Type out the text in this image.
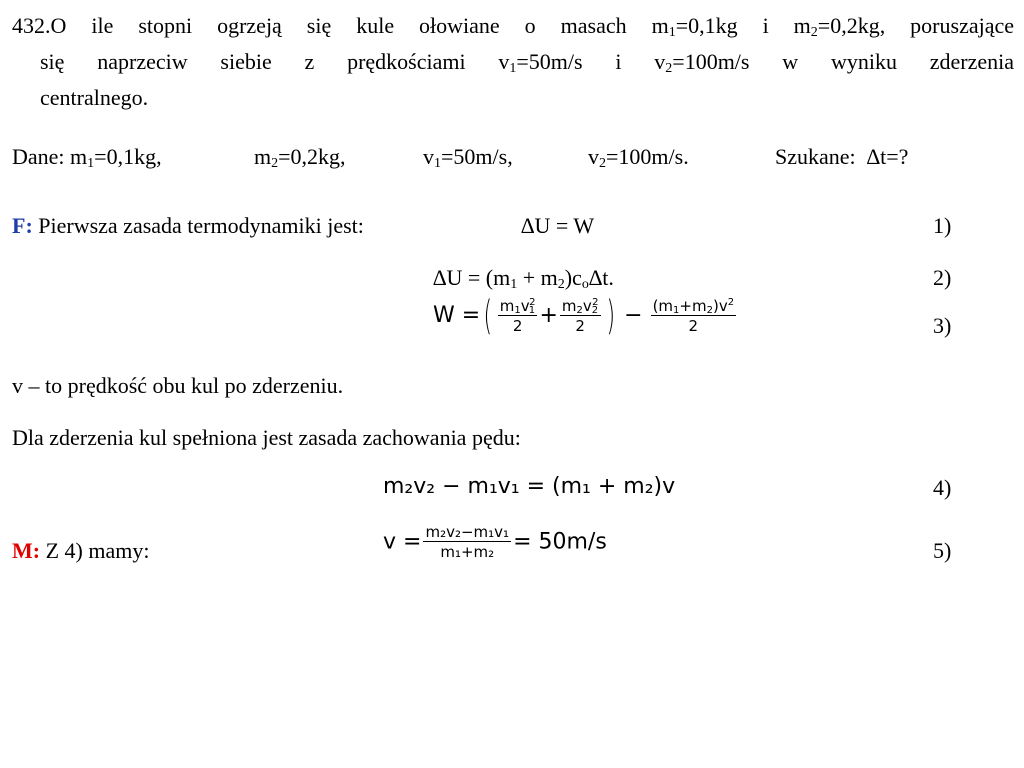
432.O ile stopni ogrzeją się kule ołowiane o masach $m_1=0,1kg$ i $m_2=0,2kg$, poruszające
się naprzeciw siebie z prędkościami $v_1=50m/s$ i $v_2=100m/s$ w wyniku zderzenia
centralnego.
Dane: $m_1=0,1kg$,	$m_2=0,2kg$,	$v_1=50m/s$,	$v_2=100m/s$.	Szukane: ∆t=?
F: Pierwsza zasada termodynamiki jest:	∆U = W	1)
$\Delta U = (m_1 + m_2)c_o\Delta t$.	2)
W =( $\frac{m_1v_1^2}{2} + \frac{m_2v_2^2}{2}$ ) − $\frac{(m_1+m_2)v^2}{2}$	3)
v – to prędkość obu kul po zderzeniu.
Dla zderzenia kul spełniona jest zasada zachowania pędu:
m₂v₂ − m₁v₁ = (m₁ + m₂)v	4)
M: Z 4) mamy:	$v = \frac{\text{m₂v₂−m₁v₁}}{\text{m₁+m₂}} = 50m/s$	5)
